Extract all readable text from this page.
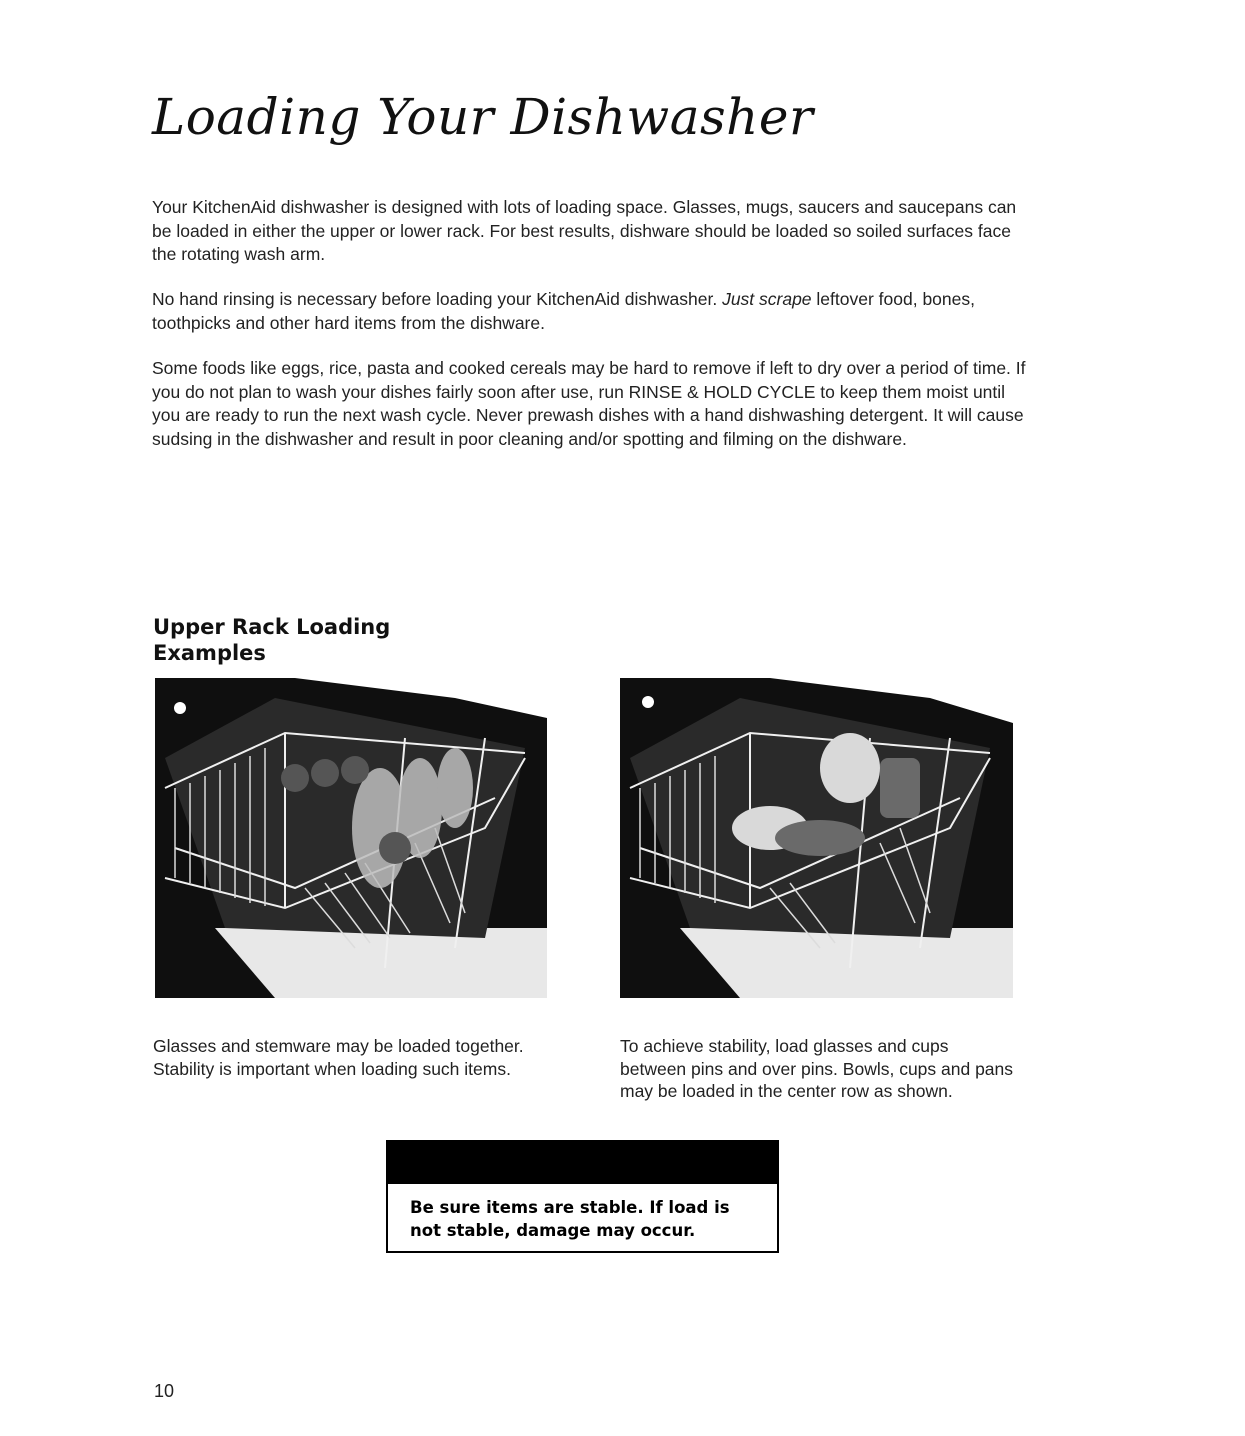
Loading Your Dishwasher

Your KitchenAid dishwasher is designed with lots of loading space. Glasses, mugs, saucers and saucepans can be loaded in either the upper or lower rack. For best results, dishware should be loaded so soiled surfaces face the rotating wash arm.

No hand rinsing is necessary before loading your KitchenAid dishwasher. Just scrape leftover food, bones, toothpicks and other hard items from the dishware.

Some foods like eggs, rice, pasta and cooked cereals may be hard to remove if left to dry over a period of time. If you do not plan to wash your dishes fairly soon after use, run RINSE & HOLD CYCLE to keep them moist until you are ready to run the next wash cycle. Never prewash dishes with a hand dishwashing detergent. It will cause sudsing in the dishwasher and result in poor cleaning and/or spotting and filming on the dishware.

Upper Rack Loading
Examples

Glasses and stemware may be loaded together. Stability is important when loading such items.

To achieve stability, load glasses and cups between pins and over pins. Bowls, cups and pans may be loaded in the center row as shown.

Be sure items are stable. If load is not stable, damage may occur.

10
